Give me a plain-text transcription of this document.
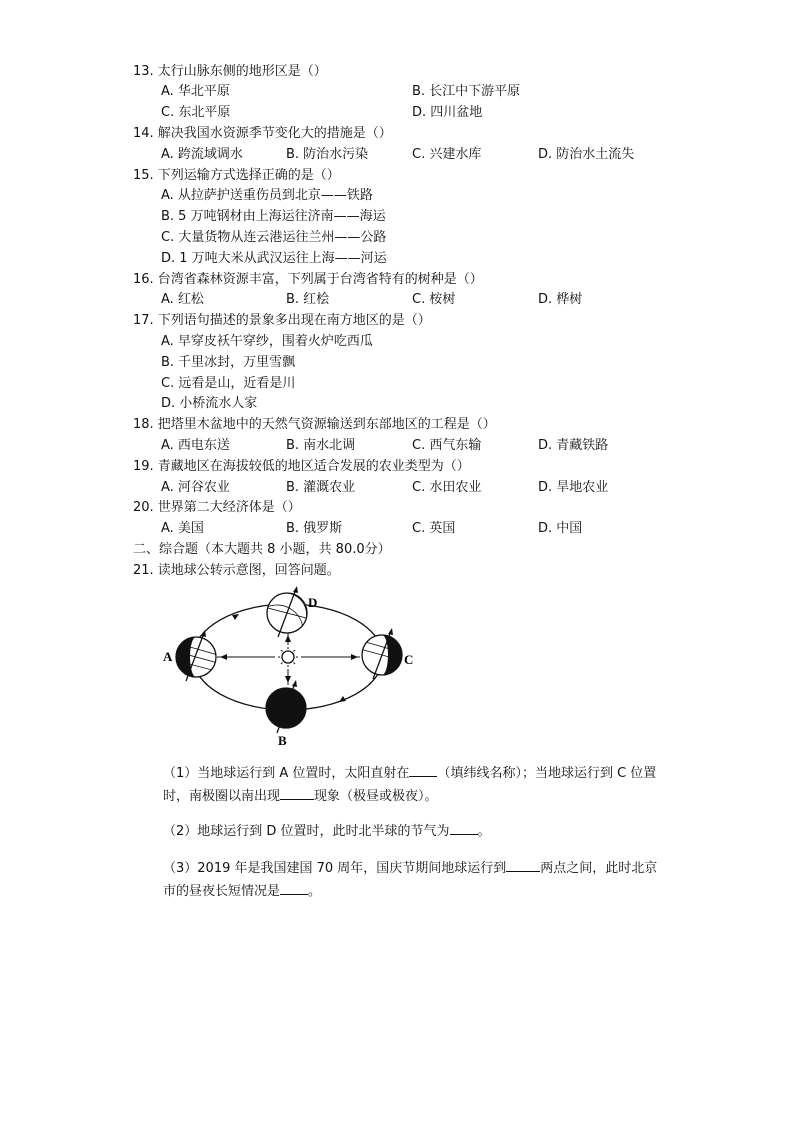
13. 太行山脉东侧的地形区是（）
A. 华北平原	B. 长江中下游平原
C. 东北平原	D. 四川盆地
14. 解决我国水资源季节变化大的措施是（）
A. 跨流域调水	B. 防治水污染	C. 兴建水库	D. 防治水土流失
15. 下列运输方式选择正确的是（）
A. 从拉萨护送重伤员到北京——铁路
B. 5 万吨钢材由上海运往济南——海运
C. 大量货物从连云港运往兰州——公路
D. 1 万吨大米从武汉运往上海——河运
16. 台湾省森林资源丰富，下列属于台湾省特有的树种是（）
A. 红松	B. 红桧	C. 桉树	D. 桦树
17. 下列语句描述的景象多出现在南方地区的是（）
A. 早穿皮袄午穿纱，围着火炉吃西瓜
B. 千里冰封，万里雪飘
C. 远看是山，近看是川
D. 小桥流水人家
18. 把塔里木盆地中的天然气资源输送到东部地区的工程是（）
A. 西电东送	B. 南水北调	C. 西气东输	D. 青藏铁路
19. 青藏地区在海拔较低的地区适合发展的农业类型为（）
A. 河谷农业	B. 灌溉农业	C. 水田农业	D. 旱地农业
20. 世界第二大经济体是（）
A. 美国	B. 俄罗斯	C. 英国	D. 中国
二、综合题（本大题共 8 小题，共 80.0分）
21. 读地球公转示意图，回答问题。
A
B
C
D
（1）当地球运行到 A 位置时，太阳直射在 （填纬线名称）；当地球运行到 C 位置时，南极圈以南出现	现象（极昼或极夜）。
（2）地球运行到 D 位置时，此时北半球的节气为 。
（3）2019 年是我国建国 70 周年，国庆节期间地球运行到	两点之间，此时北京市的昼夜长短情况是 。
